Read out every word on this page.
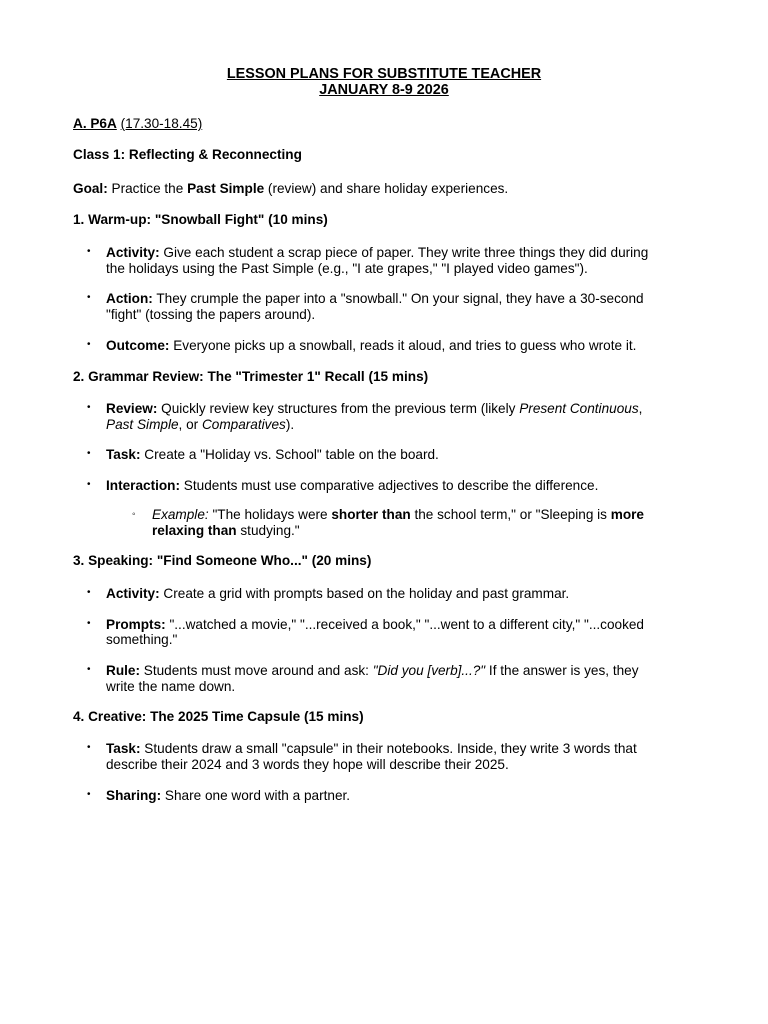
LESSON PLANS FOR SUBSTITUTE TEACHER
JANUARY 8-9 2026
A. P6A (17.30-18.45)
Class 1: Reflecting & Reconnecting
Goal: Practice the Past Simple (review) and share holiday experiences.
1. Warm-up: "Snowball Fight" (10 mins)
• Activity: Give each student a scrap piece of paper. They write three things they did during
the holidays using the Past Simple (e.g., "I ate grapes," "I played video games").
• Action: They crumple the paper into a "snowball." On your signal, they have a 30-second
"fight" (tossing the papers around).
• Outcome: Everyone picks up a snowball, reads it aloud, and tries to guess who wrote it.
2. Grammar Review: The "Trimester 1" Recall (15 mins)
• Review: Quickly review key structures from the previous term (likely Present Continuous,
Past Simple, or Comparatives).
• Task: Create a "Holiday vs. School" table on the board.
• Interaction: Students must use comparative adjectives to describe the difference.
◦ Example: "The holidays were shorter than the school term," or "Sleeping is more
relaxing than studying."
3. Speaking: "Find Someone Who..." (20 mins)
• Activity: Create a grid with prompts based on the holiday and past grammar.
• Prompts: "...watched a movie," "...received a book," "...went to a different city," "...cooked
something."
• Rule: Students must move around and ask: "Did you [verb]...?" If the answer is yes, they
write the name down.
4. Creative: The 2025 Time Capsule (15 mins)
• Task: Students draw a small "capsule" in their notebooks. Inside, they write 3 words that
describe their 2024 and 3 words they hope will describe their 2025.
• Sharing: Share one word with a partner.
